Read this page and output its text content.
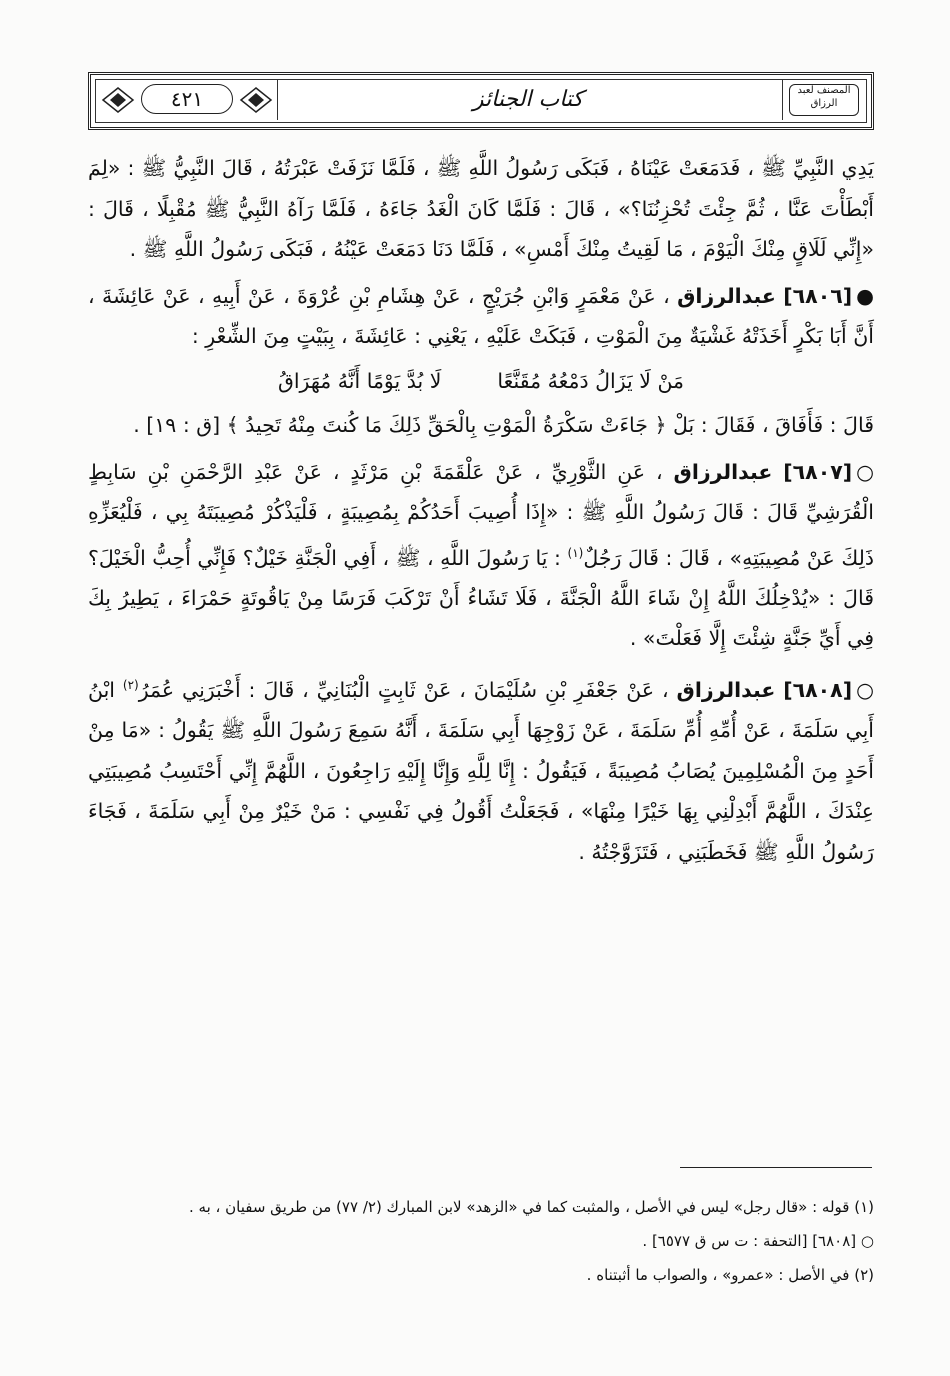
٤٢١	كتاب الجنائز	المصنف لعبد الرزاق

يَدِي النَّبِيِّ ﷺ ، فَدَمَعَتْ عَيْنَاهُ ، فَبَكَى رَسُولُ اللَّهِ ﷺ ، فَلَمَّا نَزَفَتْ عَبْرَتُهُ ، قَالَ النَّبِيُّ ﷺ : «لِمَ أَبْطَأْتَ عَنَّا ، ثُمَّ جِئْتَ تُحْزِنُنَا؟» ، قَالَ : فَلَمَّا كَانَ الْغَدُ جَاءَهُ ، فَلَمَّا رَآهُ النَّبِيُّ ﷺ مُقْبِلًا ، قَالَ : «إِنِّي لَلَاقٍ مِنْكَ الْيَوْمَ ، مَا لَقِيتُ مِنْكَ أَمْسِ» ، فَلَمَّا دَنَا دَمَعَتْ عَيْنُهُ ، فَبَكَى رَسُولُ اللَّهِ ﷺ .

●[٦٨٠٦] عبدالرزاق ، عَنْ مَعْمَرٍ وَابْنِ جُرَيْجٍ ، عَنْ هِشَامِ بْنِ عُرْوَةَ ، عَنْ أَبِيهِ ، عَنْ عَائِشَةَ ، أَنَّ أَبَا بَكْرٍ أَخَذَتْهُ غَشْيَةٌ مِنَ الْمَوْتِ ، فَبَكَتْ عَلَيْهِ ، يَعْنِي : عَائِشَةَ ، بِبَيْتٍ مِنَ الشِّعْرِ :

مَنْ لَا يَزَالُ دَمْعُهُ مُقَنَّعًالَا بُدَّ يَوْمًا أَنَّهُ مُهَرَاقُ

قَالَ : فَأَفَاقَ ، فَقَالَ : بَلْ ﴿ جَاءَتْ سَكْرَةُ الْمَوْتِ بِالْحَقِّ ذَلِكَ مَا كُنتَ مِنْهُ تَحِيدُ ﴾ [ق : ١٩] .

○[٦٨٠٧] عبدالرزاق ، عَنِ الثَّوْرِيِّ ، عَنْ عَلْقَمَةَ بْنِ مَرْثَدٍ ، عَنْ عَبْدِ الرَّحْمَنِ بْنِ سَابِطٍ الْقُرَشِيِّ قَالَ : قَالَ رَسُولُ اللَّهِ ﷺ : «إِذَا أُصِيبَ أَحَدُكُمْ بِمُصِيبَةٍ ، فَلْيَذْكُرْ مُصِيبَتَهُ بِي ، فَلْيُعَزِّهِ ذَلِكَ عَنْ مُصِيبَتِهِ» ، قَالَ : قَالَ رَجُلٌ$^{(١)}$ : يَا رَسُولَ اللَّهِ ، ﷺ ، أَفِي الْجَنَّةِ خَيْلٌ؟ فَإِنِّي أُحِبُّ الْخَيْلَ؟ قَالَ : «يُدْخِلُكَ اللَّهُ إِنْ شَاءَ اللَّهُ الْجَنَّةَ ، فَلَا تَشَاءُ أَنْ تَرْكَبَ فَرَسًا مِنْ يَاقُوتَةٍ حَمْرَاءَ ، يَطِيرُ بِكَ فِي أَيِّ جَنَّةٍ شِئْتَ إِلَّا فَعَلْتَ» .

○[٦٨٠٨] عبدالرزاق ، عَنْ جَعْفَرِ بْنِ سُلَيْمَانَ ، عَنْ ثَابِتٍ الْبُنَانِيِّ ، قَالَ : أَخْبَرَنِي عُمَرُ$^{(٢)}$ ابْنُ أَبِي سَلَمَةَ ، عَنْ أُمِّهِ أُمِّ سَلَمَةَ ، عَنْ زَوْجِهَا أَبِي سَلَمَةَ ، أَنَّهُ سَمِعَ رَسُولَ اللَّهِ ﷺ يَقُولُ : «مَا مِنْ أَحَدٍ مِنَ الْمُسْلِمِينَ يُصَابُ مُصِيبَةً ، فَيَقُولُ : إِنَّا لِلَّهِ وَإِنَّا إِلَيْهِ رَاجِعُونَ ، اللَّهُمَّ إِنِّي أَحْتَسِبُ مُصِيبَتِي عِنْدَكَ ، اللَّهُمَّ أَبْدِلْنِي بِهَا خَيْرًا مِنْهَا» ، فَجَعَلْتُ أَقُولُ فِي نَفْسِي : مَنْ خَيْرٌ مِنْ أَبِي سَلَمَةَ ، فَجَاءَ رَسُولُ اللَّهِ ﷺ فَخَطَبَنِي ، فَتَزَوَّجْتُهُ .

(١) قوله : «قال رجل» ليس في الأصل ، والمثبت كما في «الزهد» لابن المبارك (٢/ ٧٧) من طريق سفيان ، به .

○ [٦٨٠٨] [التحفة : ت س ق ٦٥٧٧] .

(٢) في الأصل : «عمرو» ، والصواب ما أثبتناه .
